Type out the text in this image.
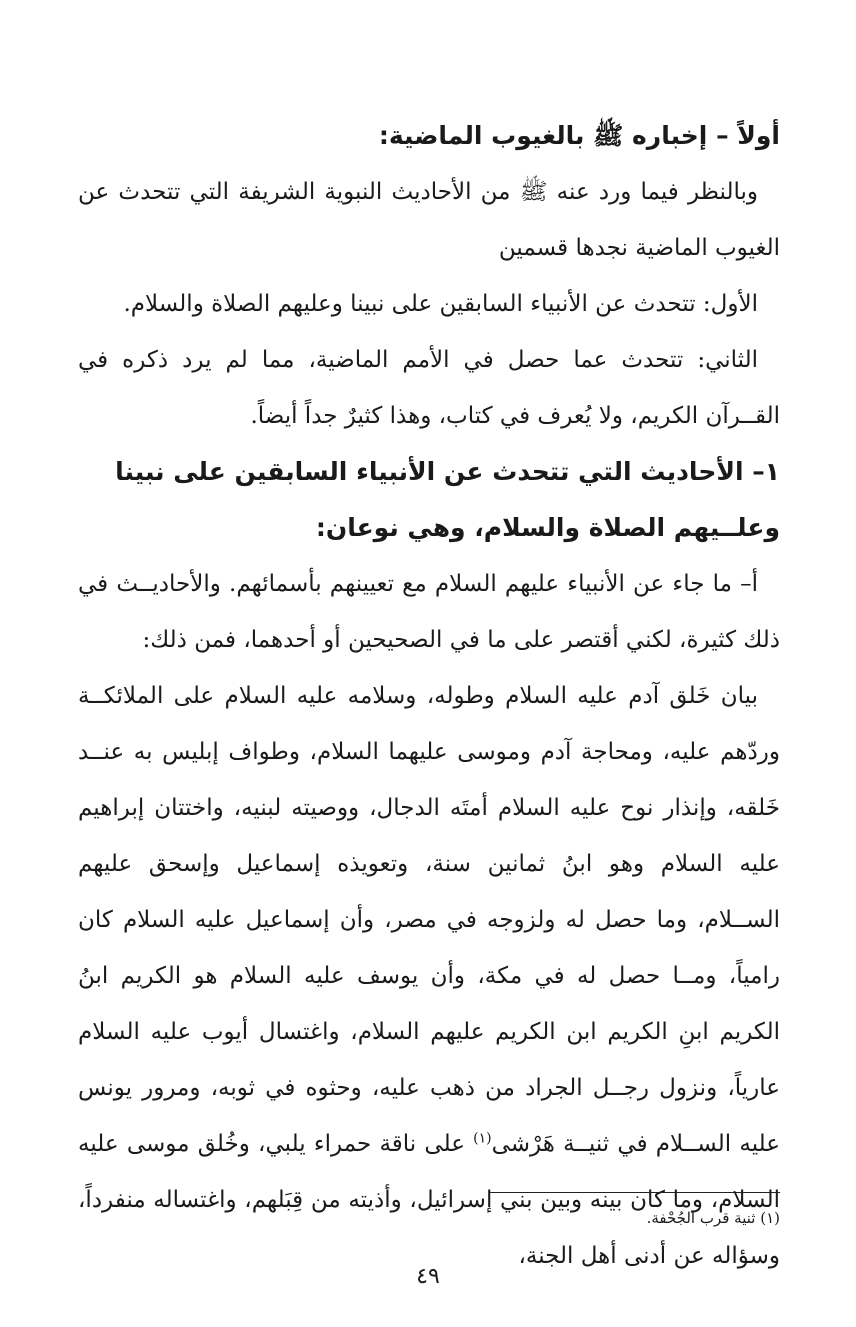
أولاً – إخباره ﷺ بالغيوب الماضية:

وبالنظر فيما ورد عنه ﷺ من الأحاديث النبوية الشريفة التي تتحدث عن الغيوب الماضية نجدها قسمين

الأول: تتحدث عن الأنبياء السابقين على نبينا وعليهم الصلاة والسلام.

الثاني: تتحدث عما حصل في الأمم الماضية، مما لم يرد ذكره في القــرآن الكريم، ولا يُعرف في كتاب، وهذا كثيرٌ جداً أيضاً.

١– الأحاديث التي تتحدث عن الأنبياء السابقين على نبينا وعلــيهم الصلاة والسلام، وهي نوعان:

أ– ما جاء عن الأنبياء عليهم السلام مع تعيينهم بأسمائهم. والأحاديــث في ذلك كثيرة، لكني أقتصر على ما في الصحيحين أو أحدهما، فمن ذلك:

بيان خَلق آدم عليه السلام وطوله، وسلامه عليه السلام على الملائكــة وردّهم عليه، ومحاجة آدم وموسى عليهما السلام، وطواف إبليس به عنــد خَلقه، وإنذار نوح عليه السلام أمتَه الدجال، ووصيته لبنيه، واختتان إبراهيم عليه السلام وهو ابنُ ثمانين سنة، وتعويذه إسماعيل وإسحق عليهم الســلام، وما حصل له ولزوجه في مصر، وأن إسماعيل عليه السلام كان رامياً، ومــا حصل له في مكة، وأن يوسف عليه السلام هو الكريم ابنُ الكريم ابنِ الكريم ابن الكريم عليهم السلام، واغتسال أيوب عليه السلام عارياً، ونزول رجــل الجراد من ذهب عليه، وحثوه في ثوبه، ومرور يونس عليه الســلام في ثنيــة هَرْشى$^{(١)}$ على ناقة حمراء يلبي، وخُلق موسى عليه السلام، وما كان بينه وبين بني إسرائيل، وأذيته من قِبَلهم، واغتساله منفرداً، وسؤاله عن أدنى أهل الجنة،

(١) ثنية قرب الجُحْفة.
٤٩
